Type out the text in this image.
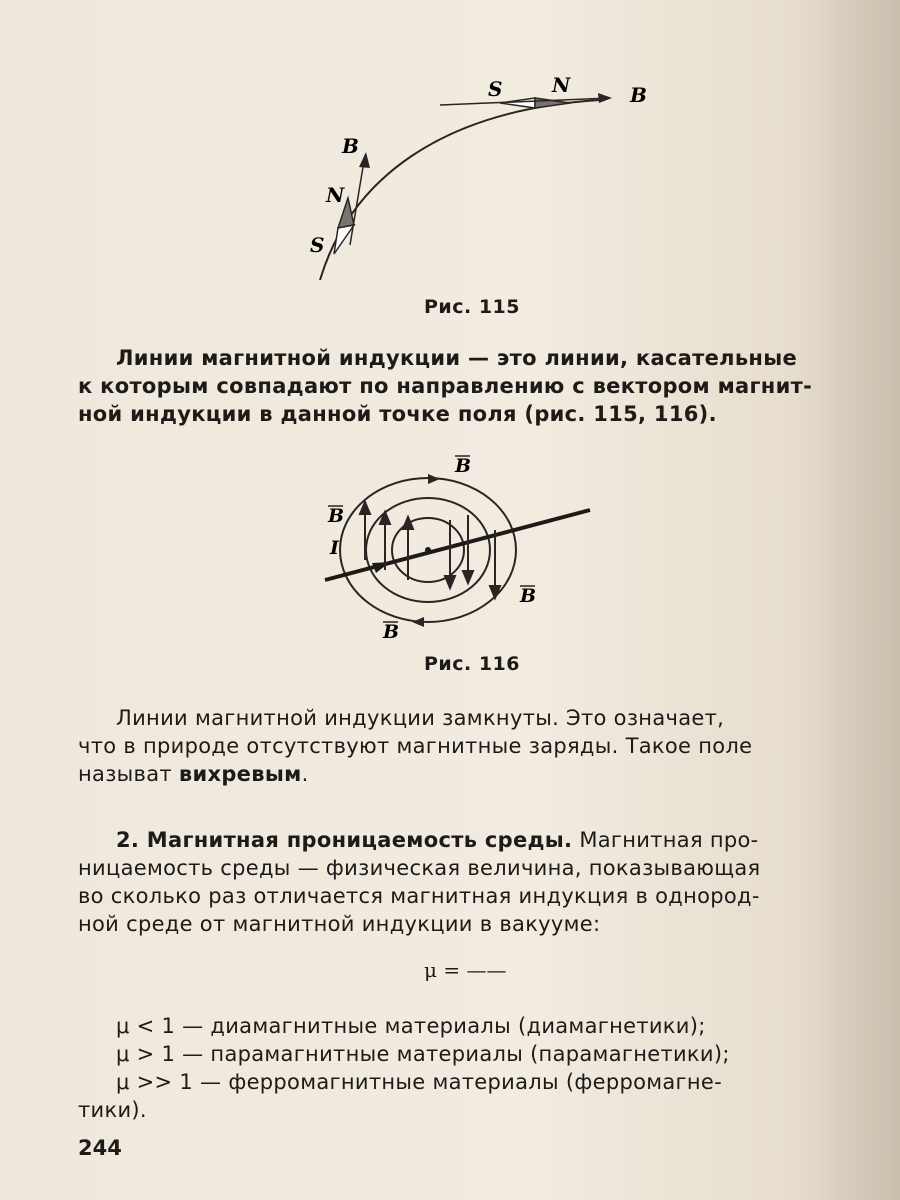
S N	B
B
N
S
Рис. 115
Линии магнитной индукции — это линии, касательные
к которым совпадают по направлению с вектором магнит-
ной индукции в данной точке поля (рис. 115, 116).
B
B
I
B
B
Рис. 116
Линии магнитной индукции замкнуты. Это означает,
что в природе отсутствуют магнитные заряды. Такое поле
называт вихревым.
2. Магнитная проницаемость среды. Магнитная про-
ницаемость среды — физическая величина, показывающая
во сколько раз отличается магнитная индукция в однород-
ной среде от магнитной индукции в вакууме:
μ = ——
μ < 1 — диамагнитные материалы (диамагнетики);
μ > 1 — парамагнитные материалы (парамагнетики);
μ >> 1 — ферромагнитные материалы (ферромагне-
тики).
244
